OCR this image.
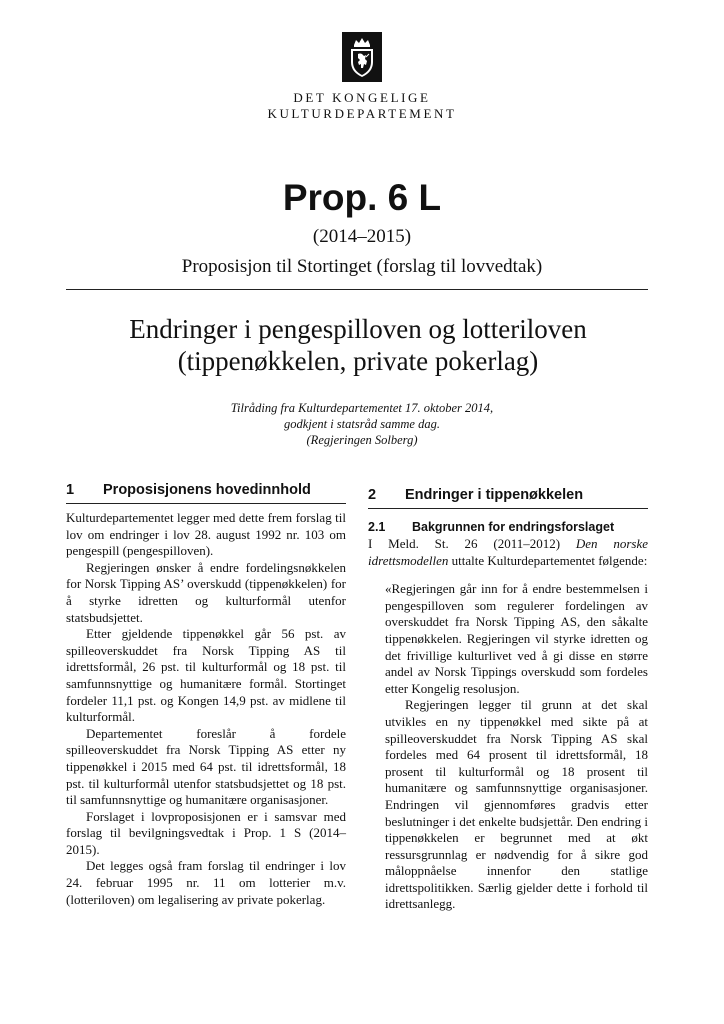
DET KONGELIGE
KULTURDEPARTEMENT
Prop. 6 L
(2014–2015)
Proposisjon til Stortinget (forslag til lovvedtak)
Endringer i pengespilloven og lotteriloven
(tippenøkkelen, private pokerlag)
Tilråding fra Kulturdepartementet 17. oktober 2014,
godkjent i statsråd samme dag.
(Regjeringen Solberg)
1	Proposisjonens hovedinnhold

Kulturdepartementet legger med dette frem forslag til lov om endringer i lov 28. august 1992 nr. 103 om pengespill (pengespilloven).

Regjeringen ønsker å endre fordelingsnøkkelen for Norsk Tipping AS’ overskudd (tippenøkkelen) for å styrke idretten og kulturformål utenfor statsbudsjettet.

Etter gjeldende tippenøkkel går 56 pst. av spilleoverskuddet fra Norsk Tipping AS til idrettsformål, 26 pst. til kulturformål og 18 pst. til samfunnsnyttige og humanitære formål. Stortinget fordeler 11,1 pst. og Kongen 14,9 pst. av midlene til kulturformål.

Departementet foreslår å fordele spilleoverskuddet fra Norsk Tipping AS etter ny tippenøkkel i 2015 med 64 pst. til idrettsformål, 18 pst. til kulturformål utenfor statsbudsjettet og 18 pst. til samfunnsnyttige og humanitære organisasjoner.

Forslaget i lovproposisjonen er i samsvar med forslag til bevilgningsvedtak i Prop. 1 S (2014–2015).

Det legges også fram forslag til endringer i lov 24. februar 1995 nr. 11 om lotterier m.v. (lotteriloven) om legalisering av private pokerlag.

2	Endringer i tippenøkkelen
2.1	Bakgrunnen for endringsforslaget

I Meld. St. 26 (2011–2012) Den norske idrettsmodellen uttalte Kulturdepartementet følgende:

«Regjeringen går inn for å endre bestemmelsen i pengespilloven som regulerer fordelingen av overskuddet fra Norsk Tipping AS, den såkalte tippenøkkelen. Regjeringen vil styrke idretten og det frivillige kulturlivet ved å gi disse en større andel av Norsk Tippings overskudd som fordeles etter Kongelig resolusjon.

Regjeringen legger til grunn at det skal utvikles en ny tippenøkkel med sikte på at spilleoverskuddet fra Norsk Tipping AS skal fordeles med 64 prosent til idrettsformål, 18 prosent til kulturformål og 18 prosent til humanitære og samfunnsnyttige organisasjoner. Endringen vil gjennomføres gradvis etter beslutninger i det enkelte budsjettår. Den endring i tippenøkkelen er begrunnet med at økt ressursgrunnlag er nødvendig for å sikre god måloppnåelse innenfor den statlige idrettspolitikken. Særlig gjelder dette i forhold til idrettsanlegg.
